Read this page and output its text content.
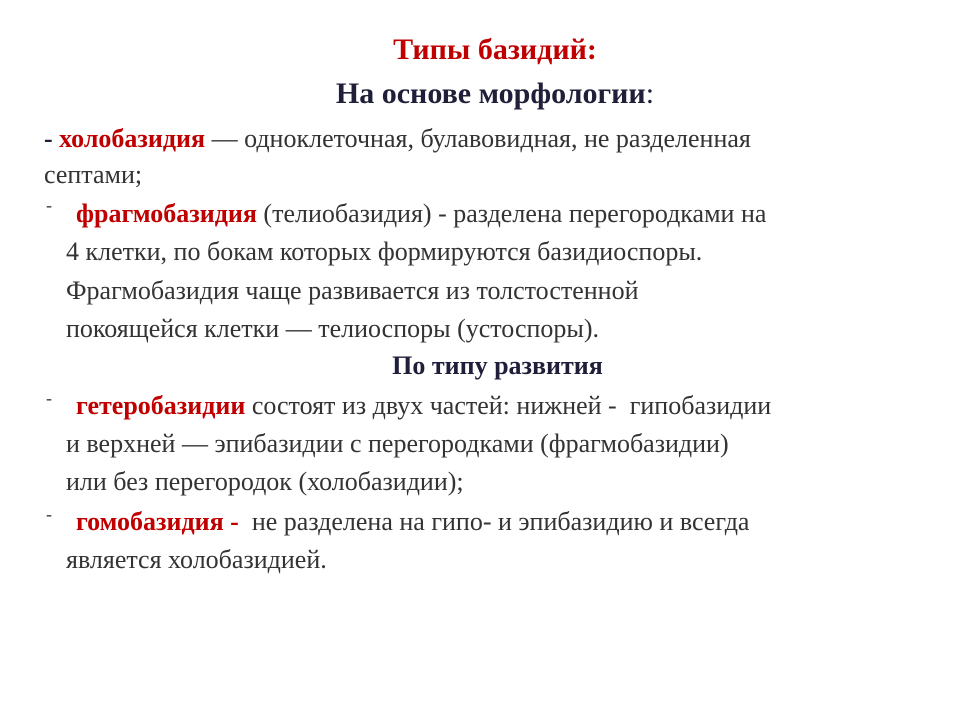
Типы базидий:
На основе морфологии:
- холобазидия — одноклеточная, булавовидная, не разделенная
септами;
- фрагмобазидия (телиобазидия) - разделена перегородками на
4 клетки, по бокам которых формируются базидиоспоры.
Фрагмобазидия чаще развивается из толстостенной
покоящейся клетки — телиоспоры (устоспоры).
По типу развития
- гетеробазидии состоят из двух частей: нижней -  гипобазидии
и верхней — эпибазидии с перегородками (фрагмобазидии)
или без перегородок (холобазидии);
- гомобазидия -  не разделена на гипо- и эпибазидию и всегда
является холобазидией.
